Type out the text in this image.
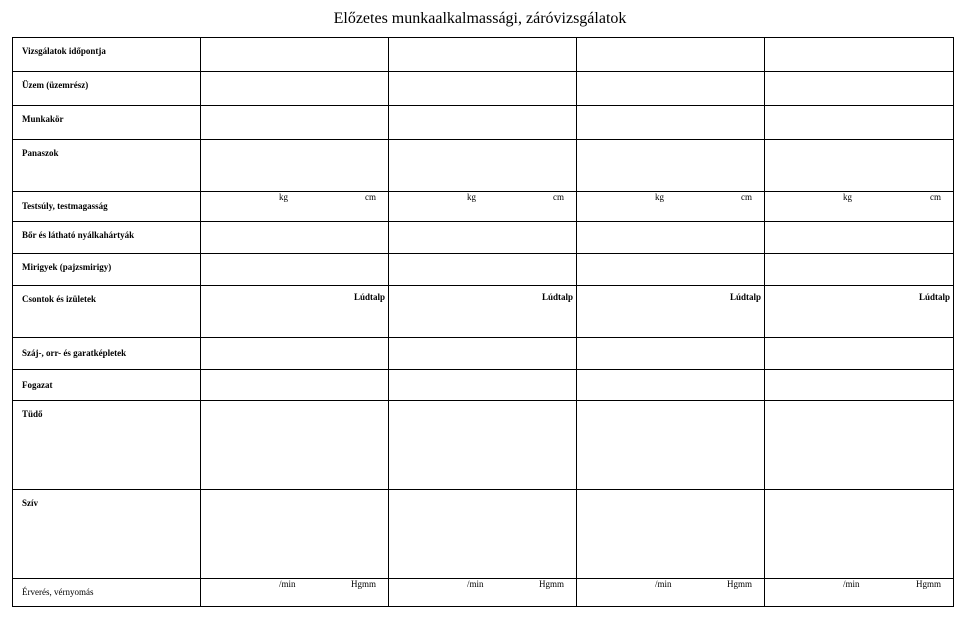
Előzetes munkaalkalmassági, záróvizsgálatok
Vizsgálatok időpontja				
Üzem (üzemrész)				
Munkakör				
Panaszok				
Testsúly, testmagasság	kg cm	kg cm	kg cm	kg cm

Bőr és látható nyálkahártyák				
Mirigyek (pajzsmirigy)				
Csontok és izületek	Lúdtalp	Lúdtalp	Lúdtalp	Lúdtalp

Száj-, orr- és garatképletek				
Fogazat				
Tüdő				
Szív				
Érverés, vérnyomás	/min Hgmm	/min Hgmm	/min Hgmm	/min Hgmm
